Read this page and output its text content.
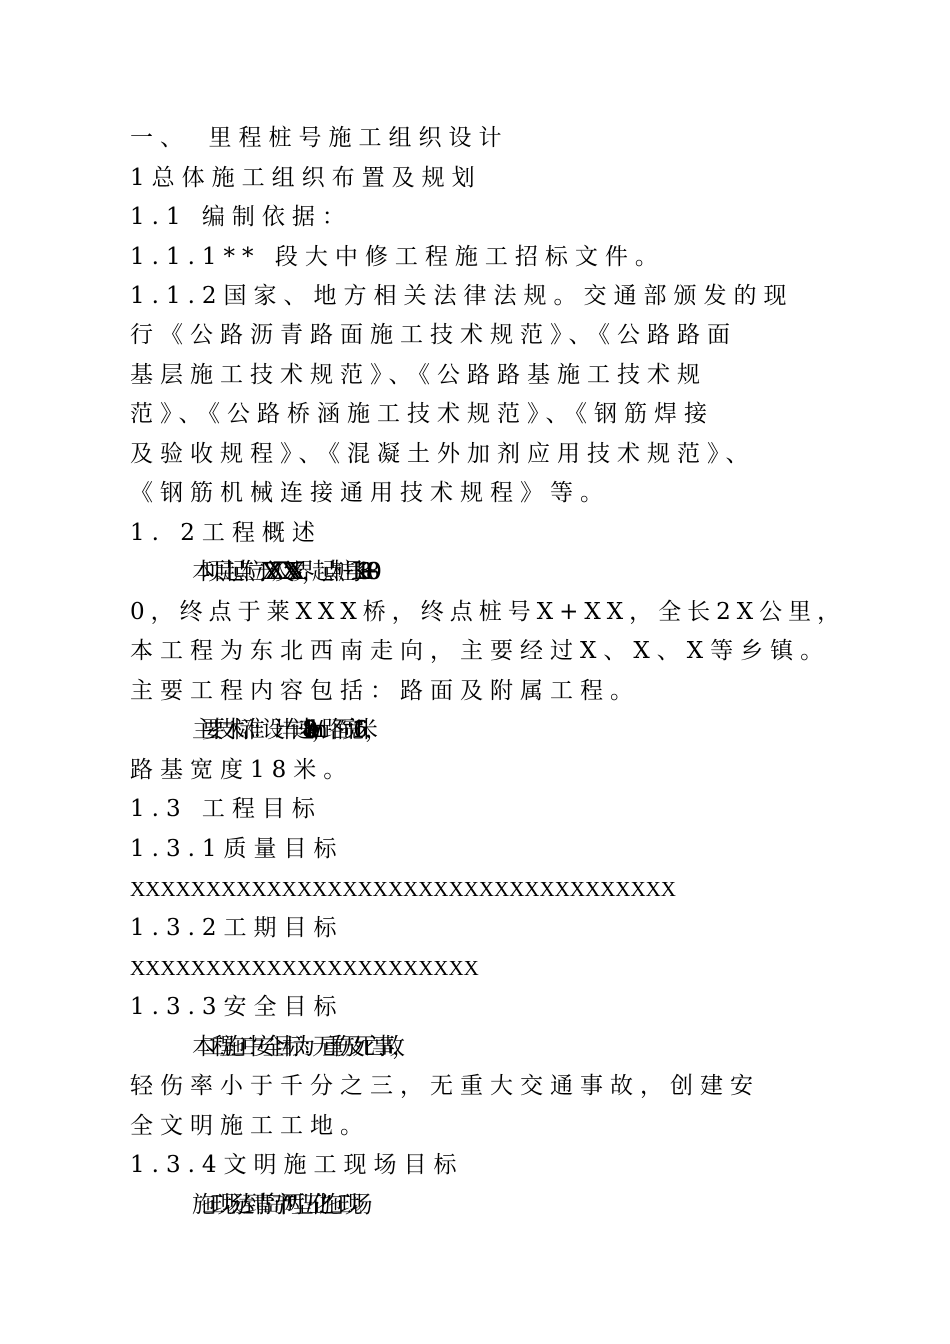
一、　里程桩号施工组织设计
1总体施工组织布置及规划
1.1 编制依据：
1.1.1** 段大中修工程施工招标文件。
1.1.2国家、地方相关法律法规。交通部颁发的现
行《公路沥青路面施工技术规范》、《公路路面
基层施工技术规范》、《公路路基施工技术规
范》、《公路桥涵施工技术规范》、《钢筋焊接
及验收规程》、《混凝土外加剂应用技术规范》、
《钢筋机械连接通用技术规程》等。
1. 2工程概述
本项目起点位于XZX及XXX界，起点桩号K13+80
0，终点于莱XXX桥，终点桩号X+XX，全长2X公里，
本工程为东北西南走向，主要经过X、X、X等乡镇。
主要工程内容包括：路面及附属工程。
主要技术标准：设计车速80km/h，路面宽16米，
路基宽度18米。
1.3 工程目标
1.3.1质量目标
XXXXXXXXXXXXXXXXXXXXXXXXXXXXXXXXXXXX
1.3.2工期目标
XXXXXXXXXXXXXXXXXXXXXXX
1.3.3安全目标
本工程施工中安全目标为：无重伤及死亡事故，
轻伤率小于千分之三，无重大交通事故，创建安
全文明施工工地。
1.3.4文明施工现场目标
施工现场达到青岛市“两型五化”施工现场
